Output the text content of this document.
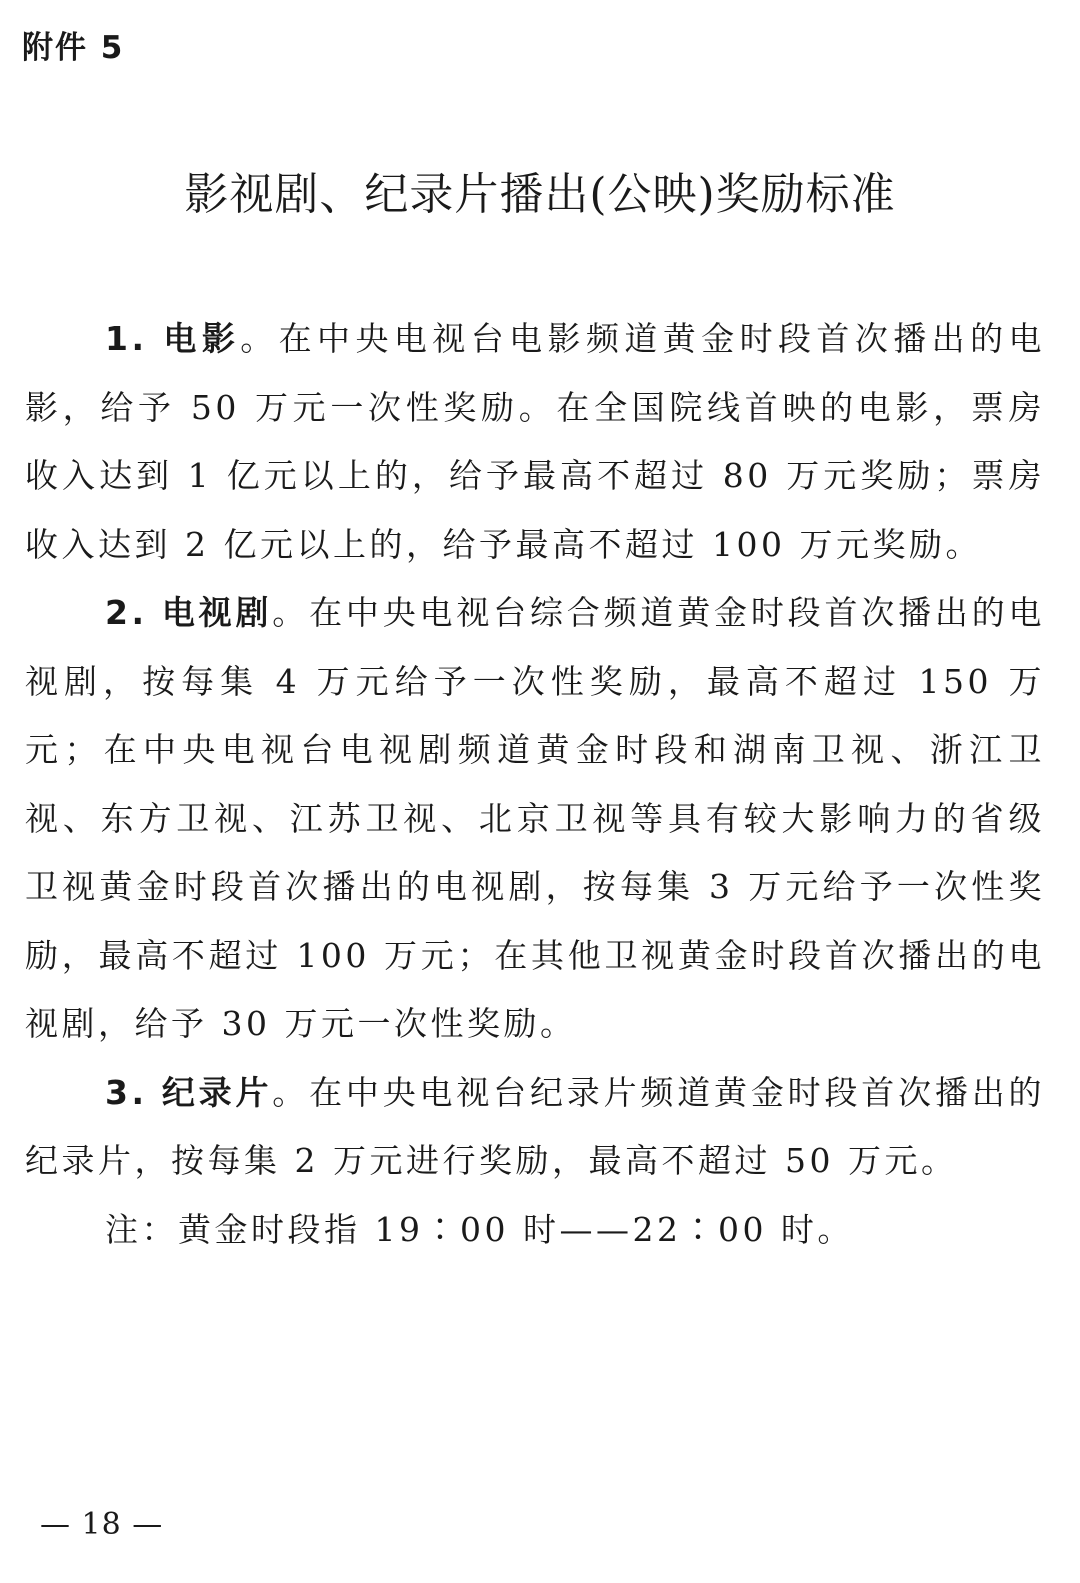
附件 5
影视剧、纪录片播出(公映)奖励标准

1. 电影。在中央电视台电影频道黄金时段首次播出的电影，给予 50 万元一次性奖励。在全国院线首映的电影，票房收入达到 1 亿元以上的，给予最高不超过 80 万元奖励；票房收入达到 2 亿元以上的，给予最高不超过 100 万元奖励。

2. 电视剧。在中央电视台综合频道黄金时段首次播出的电视剧，按每集 4 万元给予一次性奖励，最高不超过 150 万元；在中央电视台电视剧频道黄金时段和湖南卫视、浙江卫视、东方卫视、江苏卫视、北京卫视等具有较大影响力的省级卫视黄金时段首次播出的电视剧，按每集 3 万元给予一次性奖励，最高不超过 100 万元；在其他卫视黄金时段首次播出的电视剧，给予 30 万元一次性奖励。

3. 纪录片。在中央电视台纪录片频道黄金时段首次播出的纪录片，按每集 2 万元进行奖励，最高不超过 50 万元。

注：黄金时段指 19∶00 时——22∶00 时。

— 18 —
